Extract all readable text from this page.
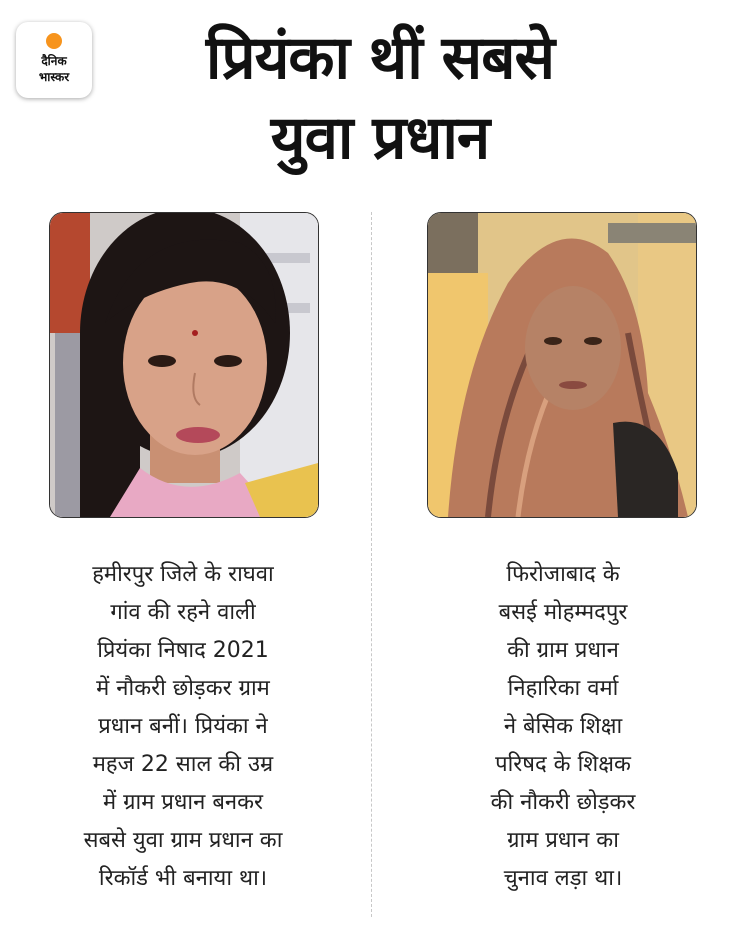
दैनिक
भास्कर	प्रियंका थीं सबसे
युवा प्रधान
हमीरपुर जिले के राघवा
गांव की रहने वाली
प्रियंका निषाद 2021
में नौकरी छोड़कर ग्राम
प्रधान बनीं। प्रियंका ने
महज 22 साल की उम्र
में ग्राम प्रधान बनकर
सबसे युवा ग्राम प्रधान का
रिकॉर्ड भी बनाया था।
फिरोजाबाद के
बसई मोहम्मदपुर
की ग्राम प्रधान
निहारिका वर्मा
ने बेसिक शिक्षा
परिषद के शिक्षक
की नौकरी छोड़कर
ग्राम प्रधान का
चुनाव लड़ा था।
